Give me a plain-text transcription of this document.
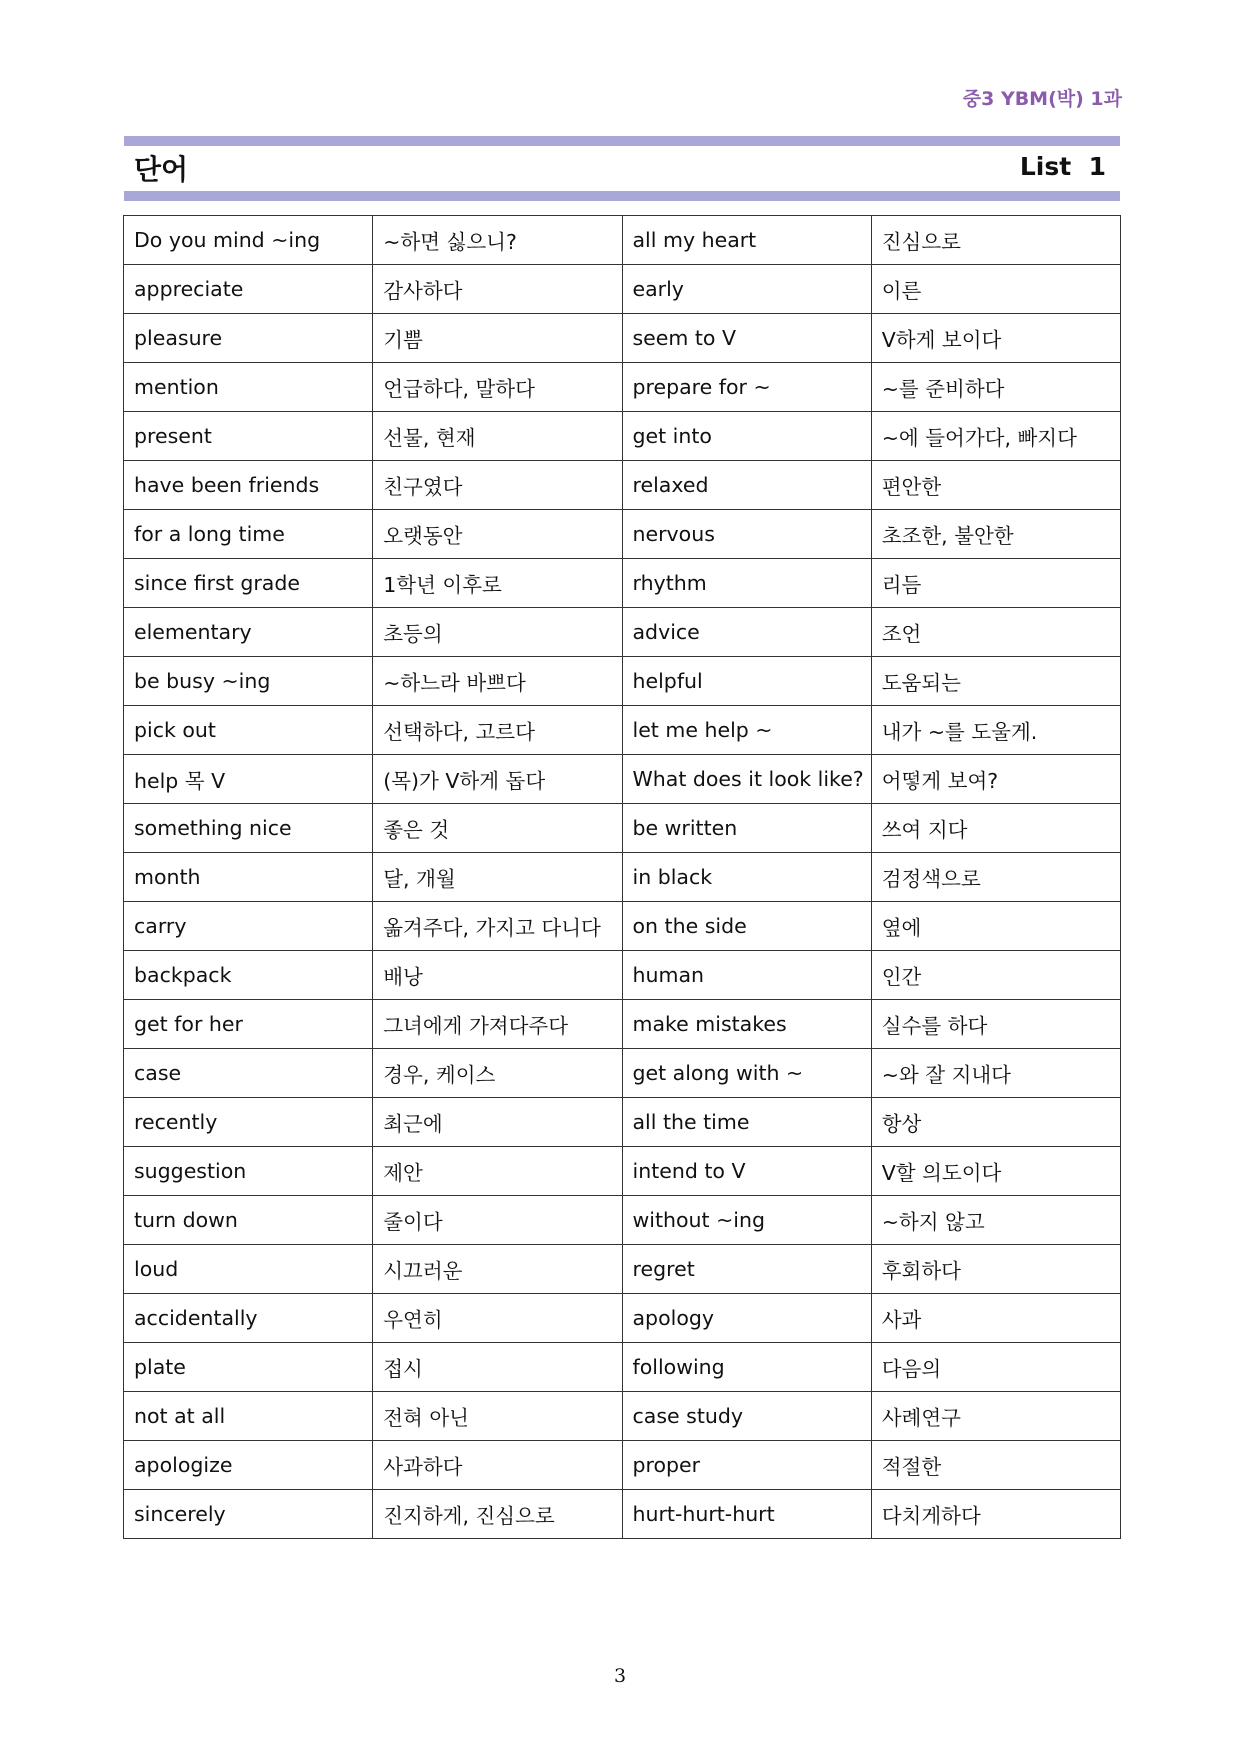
중3 YBM(박) 1과
단어	List 1
Do you mind ~ing	~하면 싫으니?	all my heart	진심으로
appreciate	감사하다	early	이른
pleasure	기쁨	seem to V	V하게 보이다
mention	언급하다, 말하다	prepare for ~	~를 준비하다
present	선물, 현재	get into	~에 들어가다, 빠지다
have been friends	친구였다	relaxed	편안한
for a long time	오랫동안	nervous	초조한, 불안한
since first grade	1학년 이후로	rhythm	리듬
elementary	초등의	advice	조언
be busy ~ing	~하느라 바쁘다	helpful	도움되는
pick out	선택하다, 고르다	let me help ~	내가 ~를 도울게.
help 목 V	(목)가 V하게 돕다	What does it look like?	어떻게 보여?
something nice	좋은 것	be written	쓰여 지다
month	달, 개월	in black	검정색으로
carry	옮겨주다, 가지고 다니다	on the side	옆에
backpack	배낭	human	인간
get for her	그녀에게 가져다주다	make mistakes	실수를 하다
case	경우, 케이스	get along with ~	~와 잘 지내다
recently	최근에	all the time	항상
suggestion	제안	intend to V	V할 의도이다
turn down	줄이다	without ~ing	~하지 않고
loud	시끄러운	regret	후회하다
accidentally	우연히	apology	사과
plate	접시	following	다음의
not at all	전혀 아닌	case study	사례연구
apologize	사과하다	proper	적절한
sincerely	진지하게, 진심으로	hurt-hurt-hurt	다치게하다
3
